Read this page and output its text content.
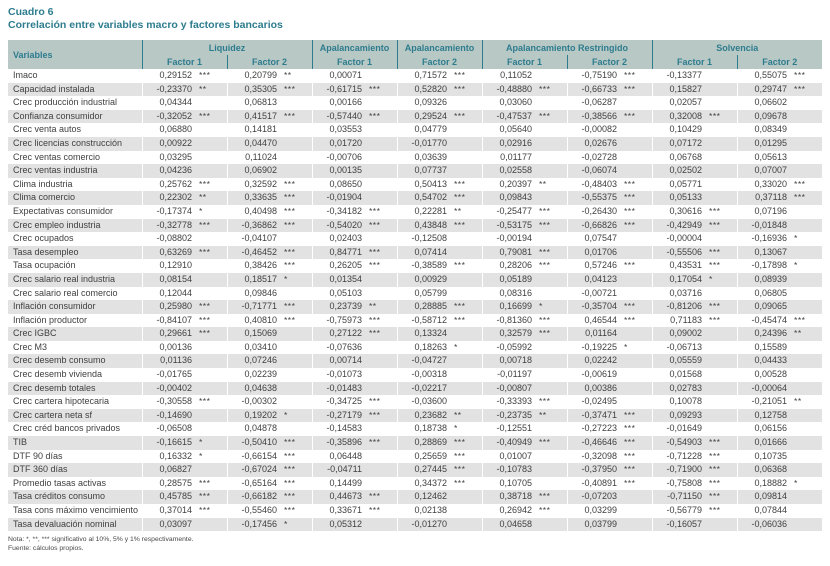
Cuadro 6
Correlación entre variables macro y factores bancarios
Variables	Liquidez				Apalancamiento		Apalancamiento		Apalancamiento Restringido				Solvencia			
	Factor 1		Factor 2		Factor 1		Factor 2		Factor 1		Factor 2		Factor 1		Factor 2	
Imaco	0,29152	***	0,20799	**	0,00071		0,71572	***	0,11052		-0,75190	***	-0,13377		0,55075	***
Capacidad instalada	-0,23370	**	0,35305	***	-0,61715	***	0,52820	***	-0,48880	***	-0,66733	***	0,15827		0,29747	***
Crec producción industrial	0,04344		0,06813		0,00166		0,09326		0,03060		-0,06287		0,02057		0,06602	
Confianza consumidor	-0,32052	***	0,41517	***	-0,57440	***	0,29524	***	-0,47537	***	-0,38566	***	0,32008	***	0,09678	
Crec venta autos	0,06880		0,14181		0,03553		0,04779		0,05640		-0,00082		0,10429		0,08349	
Crec licencias construcción	0,00922		0,04470		0,01720		-0,01770		0,02916		0,02676		0,07172		0,01295	
Crec ventas comercio	0,03295		0,11024		-0,00706		0,03639		0,01177		-0,02728		0,06768		0,05613	
Crec ventas industria	0,04236		0,06902		0,00135		0,07737		0,02558		-0,06074		0,02502		0,07007	
Clima industria	0,25762	***	0,32592	***	0,08650		0,50413	***	0,20397	**	-0,48403	***	0,05771		0,33020	***
Clima comercio	0,22302	**	0,33635	***	-0,01904		0,54702	***	0,09843		-0,55375	***	0,05133		0,37118	***
Expectativas consumidor	-0,17374	*	0,40498	***	-0,34182	***	0,22281	**	-0,25477	***	-0,26430	***	0,30616	***	0,07196	
Crec empleo industria	-0,32778	***	-0,36862	***	-0,54020	***	0,43848	***	-0,53175	***	-0,66826	***	-0,42949	***	-0,01848	
Crec ocupados	-0,08802		-0,04107		0,02403		-0,12508		-0,00194		0,07547		-0,00004		-0,16936	*
Tasa desempleo	0,63269	***	-0,46452	***	0,84771	***	0,07414		0,79081	***	0,01706		-0,55506	***	0,13067	
Tasa ocupación	0,12910		0,38426	***	0,26205	***	-0,38589	***	0,28206	***	0,57246	***	0,43531	***	-0,17898	*
Crec salario real industria	0,08154		0,18517	*	0,01354		0,00929		0,05189		0,04123		0,17054	*	0,08939	
Crec salario real comercio	0,12044		0,09846		0,05103		0,05799		0,08316		-0,00721		0,03716		0,06805	
Inflación consumidor	0,25980	***	-0,71771	***	0,23739	**	0,28885	***	0,16699	*	-0,35704	***	-0,81206	***	0,09065	
Inflación productor	-0,84107	***	0,40810	***	-0,75973	***	-0,58712	***	-0,81360	***	0,46544	***	0,71183	***	-0,45474	***
Crec IGBC	0,29661	***	0,15069		0,27122	***	0,13324		0,32579	***	0,01164		0,09002		0,24396	**
Crec M3	0,00136		0,03410		-0,07636		0,18263	*	-0,05992		-0,19225	*	-0,06713		0,15589	
Crec desemb consumo	0,01136		0,07246		0,00714		-0,04727		0,00718		0,02242		0,05559		0,04433	
Crec desemb vivienda	-0,01765		0,02239		-0,01073		-0,00318		-0,01197		-0,00619		0,01568		0,00528	
Crec desemb totales	-0,00402		0,04638		-0,01483		-0,02217		-0,00807		0,00386		0,02783		-0,00064	
Crec cartera hipotecaria	-0,30558	***	-0,00302		-0,34725	***	-0,03600		-0,33393	***	-0,02495		0,10078		-0,21051	**
Crec cartera neta sf	-0,14690		0,19202	*	-0,27179	***	0,23682	**	-0,23735	**	-0,37471	***	0,09293		0,12758	
Crec créd bancos privados	-0,06508		0,04878		-0,14583		0,18738	*	-0,12551		-0,27223	***	-0,01649		0,06156	
TIB	-0,16615	*	-0,50410	***	-0,35896	***	0,28869	***	-0,40949	***	-0,46646	***	-0,54903	***	0,01666	
DTF 90 días	0,16332	*	-0,66154	***	0,06448		0,25659	***	0,01007		-0,32098	***	-0,71228	***	0,10735	
DTF 360 días	0,06827		-0,67024	***	-0,04711		0,27445	***	-0,10783		-0,37950	***	-0,71900	***	0,06368	
Promedio tasas activas	0,28575	***	-0,65164	***	0,14499		0,34372	***	0,10705		-0,40891	***	-0,75808	***	0,18882	*
Tasa créditos consumo	0,45785	***	-0,66182	***	0,44673	***	0,12462		0,38718	***	-0,07203		-0,71150	***	0,09814	
Tasa cons máximo vencimiento	0,37014	***	-0,55460	***	0,33671	***	0,02138		0,26942	***	0,03299		-0,56779	***	0,07844	
Tasa devaluación nominal	0,03097		-0,17456	*	0,05312		-0,01270		0,04658		0,03799		-0,16057		-0,06036	
Nota: *, **, *** significativo al 10%, 5% y 1% respectivamente.
Fuente: cálculos propios.
